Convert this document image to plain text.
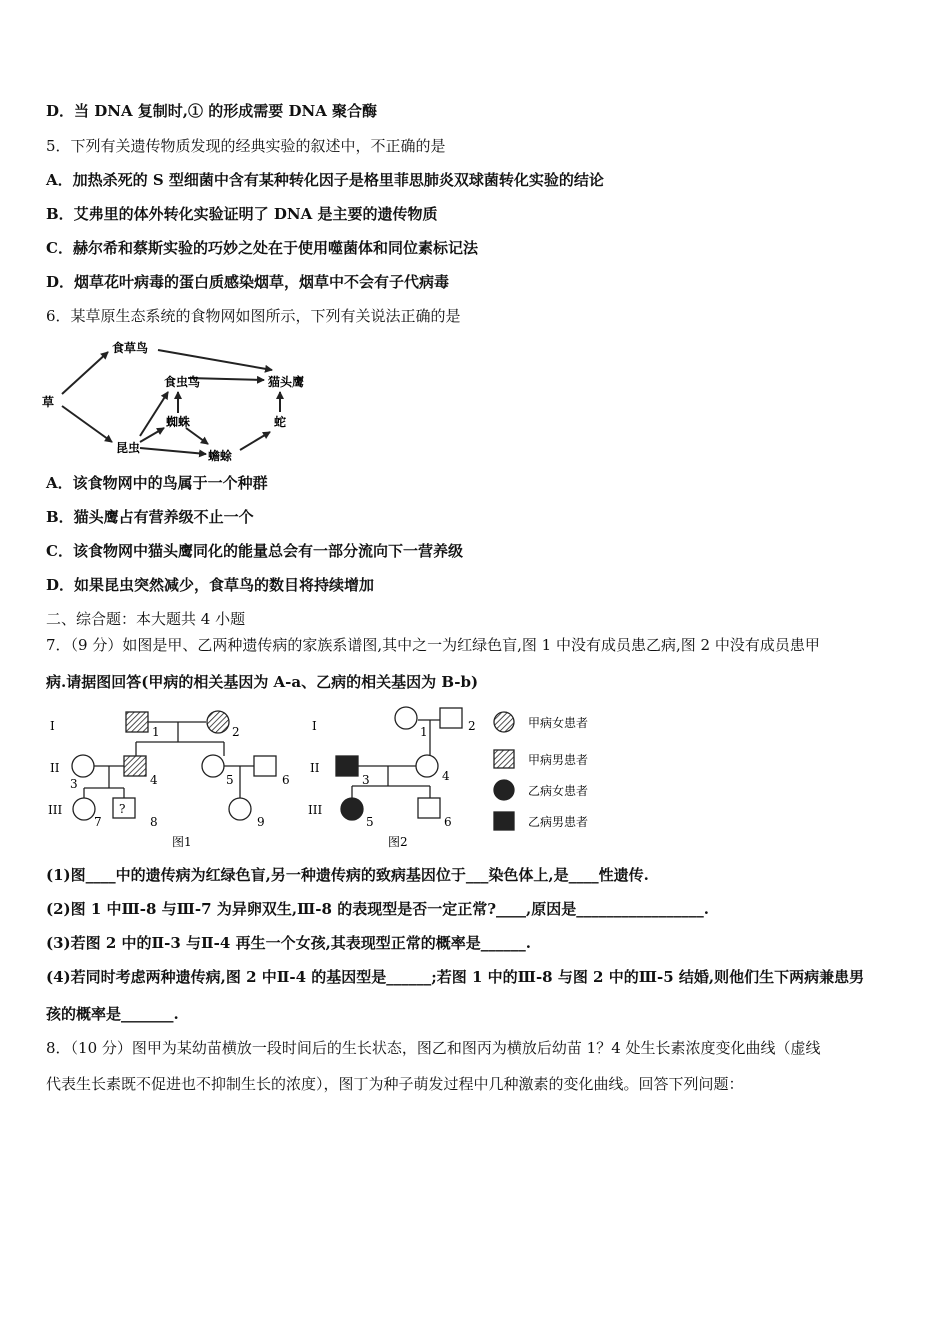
D．当 DNA 复制时,① 的形成需要 DNA 聚合酶
5．下列有关遗传物质发现的经典实验的叙述中，不正确的是
A．加热杀死的 S 型细菌中含有某种转化因子是格里菲思肺炎双球菌转化实验的结论
B．艾弗里的体外转化实验证明了 DNA 是主要的遗传物质
C．赫尔希和蔡斯实验的巧妙之处在于使用噬菌体和同位素标记法
D．烟草花叶病毒的蛋白质感染烟草，烟草中不会有子代病毒
6．某草原生态系统的食物网如图所示，下列有关说法正确的是
草
食草鸟
食虫鸟	猫头鹰
蜘蛛
昆虫
蟾蜍
蛇
A．该食物网中的鸟属于一个种群
B．猫头鹰占有营养级不止一个
C．该食物网中猫头鹰同化的能量总会有一部分流向下一营养级
D．如果昆虫突然减少，食草鸟的数目将持续增加
二、综合题：本大题共 4 小题
7．（9 分）如图是甲、乙两种遗传病的家族系谱图,其中之一为红绿色盲,图 1 中没有成员患乙病,图 2 中没有成员患甲
病.请据图回答(甲病的相关基因为 A-a、乙病的相关基因为 B-b)
I
II
III	?
1	2
3	4	5	6
7	8	9
图1
I
II
III
1	2
3	4
5	6
图2
甲病女患者
甲病男患者
乙病女患者
乙病男患者
(1)图____中的遗传病为红绿色盲,另一种遗传病的致病基因位于___染色体上,是____性遗传.
(2)图 1 中Ⅲ-8 与Ⅲ-7 为异卵双生,Ⅲ-8 的表现型是否一定正常?____,原因是_________________.
(3)若图 2 中的Ⅱ-3 与Ⅱ-4 再生一个女孩,其表现型正常的概率是______.
(4)若同时考虑两种遗传病,图 2 中Ⅱ-4 的基因型是______;若图 1 中的Ⅲ-8 与图 2 中的Ⅲ-5 结婚,则他们生下两病兼患男
孩的概率是_______.
8．（10 分）图甲为某幼苗横放一段时间后的生长状态，图乙和图丙为横放后幼苗 1？4 处生长素浓度变化曲线（虚线
代表生长素既不促进也不抑制生长的浓度），图丁为种子萌发过程中几种激素的变化曲线。回答下列问题：
